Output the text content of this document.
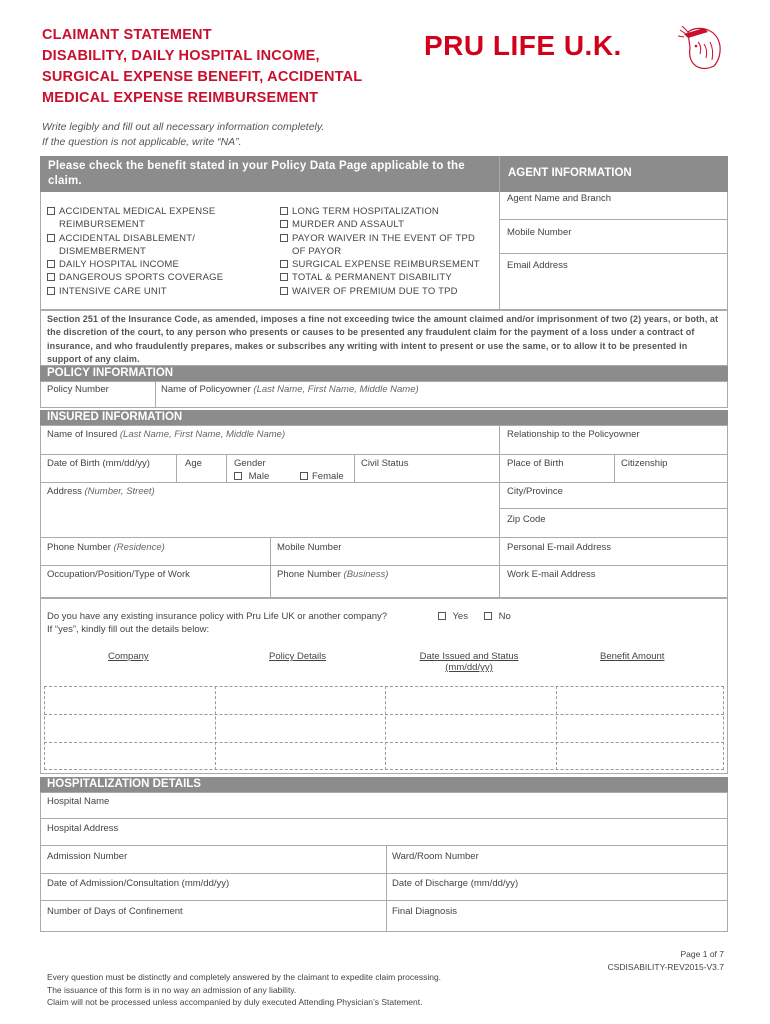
CLAIMANT STATEMENT
DISABILITY, DAILY HOSPITAL INCOME,
SURGICAL EXPENSE BENEFIT, ACCIDENTAL
MEDICAL EXPENSE REIMBURSEMENT
PRU LIFE U.K.
Write legibly and fill out all necessary information completely.
If the question is not applicable, write “NA”.
Please check the benefit stated in your Policy Data Page applicable to the claim.
AGENT INFORMATION
ACCIDENTAL MEDICAL EXPENSE REIMBURSEMENT
ACCIDENTAL DISABLEMENT/ DISMEMBERMENT
DAILY HOSPITAL INCOME
DANGEROUS SPORTS COVERAGE
INTENSIVE CARE UNIT
LONG TERM HOSPITALIZATION
MURDER AND ASSAULT
PAYOR WAIVER IN THE EVENT OF TPD OF PAYOR
SURGICAL EXPENSE REIMBURSEMENT
TOTAL & PERMANENT DISABILITY
WAIVER OF PREMIUM DUE TO TPD
Agent Name and Branch
Mobile Number
Email Address
Section 251 of the Insurance Code, as amended, imposes a fine not exceeding twice the amount claimed and/or imprisonment of two (2) years, or both, at the discretion of the court, to any person who presents or causes to be presented any fraudulent claim for the payment of a loss under a contract of insurance, and who fraudulently prepares, makes or subscribes any writing with intent to present or use the same, or to allow it to be presented in support of any claim.
POLICY INFORMATION
Policy Number	Name of Policyowner (Last Name, First Name, Middle Name)
INSURED INFORMATION
Name of Insured (Last Name, First Name, Middle Name)	Relationship to the Policyowner
Date of Birth (mm/dd/yy)	Age	Gender
Male	Female
Civil Status	Place of Birth	Citizenship
Address (Number, Street)	City/Province
Zip Code
Phone Number (Residence)	Mobile Number	Personal E-mail Address
Occupation/Position/Type of Work	Phone Number (Business)	Work E-mail Address
Do you have any existing insurance policy with Pru Life UK or another company?	Yes	No
If “yes”, kindly fill out the details below:
Company	Policy Details	Date Issued and Status
(mm/dd/yy)
Benefit Amount
HOSPITALIZATION DETAILS
Hospital Name
Hospital Address
Admission Number	Ward/Room Number
Date of Admission/Consultation (mm/dd/yy)	Date of Discharge (mm/dd/yy)
Number of Days of Confinement	Final Diagnosis
Page 1 of 7
CSDISABILITY-REV2015-V3.7
Every question must be distinctly and completely answered by the claimant to expedite claim processing.
The issuance of this form is in no way an admission of any liability.
Claim will not be processed unless accompanied by duly executed Attending Physician’s Statement.
